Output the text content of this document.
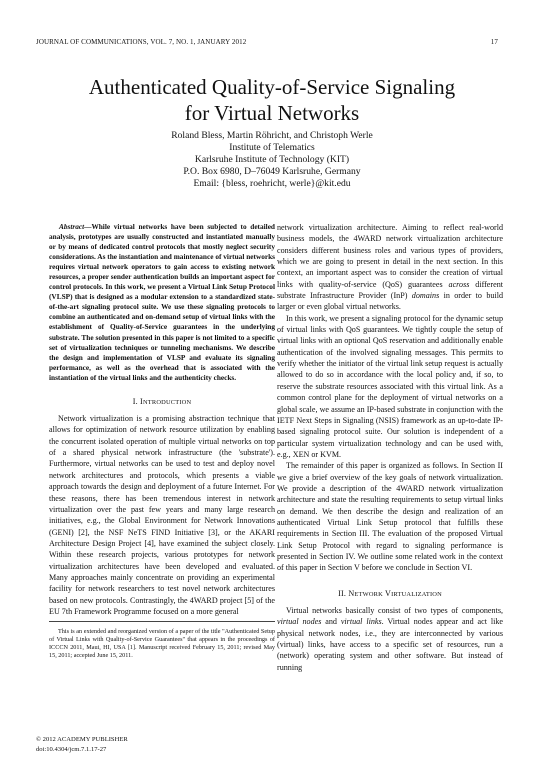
JOURNAL OF COMMUNICATIONS, VOL. 7, NO. 1, JANUARY 2012	17
Authenticated Quality-of-Service Signaling
for Virtual Networks
Roland Bless, Martin Röhricht, and Christoph Werle
Institute of Telematics
Karlsruhe Institute of Technology (KIT)
P.O. Box 6980, D–76049 Karlsruhe, Germany
Email: {bless, roehricht, werle}@kit.edu

Abstract—While virtual networks have been subjected to detailed analysis, prototypes are usually constructed and instantiated manually or by means of dedicated control protocols that mostly neglect security considerations. As the instantiation and maintenance of virtual networks requires virtual network operators to gain access to existing network resources, a proper sender authentication builds an important aspect for control protocols. In this work, we present a Virtual Link Setup Protocol (VLSP) that is designed as a modular extension to a standardized state-of-the-art signaling protocol suite. We use these signaling protocols to combine an authenticated and on-demand setup of virtual links with the establishment of Quality-of-Service guarantees in the underlying substrate. The solution presented in this paper is not limited to a specific set of virtualization techniques or tunneling mechanisms. We describe the design and implementation of VLSP and evaluate its signaling performance, as well as the overhead that is associated with the instantiation of the virtual links and the authenticity checks.

I. INTRODUCTION

Network virtualization is a promising abstraction technique that allows for optimization of network resource utilization by enabling the concurrent isolated operation of multiple virtual networks on top of a shared physical network infrastructure (the 'substrate'). Furthermore, virtual networks can be used to test and deploy novel network architectures and protocols, which presents a viable approach towards the design and deployment of a future Internet. For these reasons, there has been tremendous interest in network virtualization over the past few years and many large research initiatives, e.g., the Global Environment for Network Innovations (GENI) [2], the NSF NeTS FIND Initiative [3], or the AKARI Architecture Design Project [4], have examined the subject closely. Within these research projects, various prototypes for network virtualization architectures have been developed and evaluated. Many approaches mainly concentrate on providing an experimental facility for network researchers to test novel network architectures based on new protocols. Contrastingly, the 4WARD project [5] of the EU 7th Framework Programme focused on a more general

This is an extended and reorganized version of a paper of the title "Authenticated Setup of Virtual Links with Quality-of-Service Guarantees" that appears in the proceedings of ICCCN 2011, Maui, HI, USA [1]. Manuscript received February 15, 2011; revised May 15, 2011; accepted June 15, 2011.

network virtualization architecture. Aiming to reflect real-world business models, the 4WARD network virtualization architecture considers different business roles and various types of providers, which we are going to present in detail in the next section. In this context, an important aspect was to consider the creation of virtual links with quality-of-service (QoS) guarantees across different substrate Infrastructure Provider (InP) domains in order to build larger or even global virtual networks.

In this work, we present a signaling protocol for the dynamic setup of virtual links with QoS guarantees. We tightly couple the setup of virtual links with an optional QoS reservation and additionally enable authentication of the involved signaling messages. This permits to verify whether the initiator of the virtual link setup request is actually allowed to do so in accordance with the local policy and, if so, to reserve the substrate resources associated with this virtual link. As a common control plane for the deployment of virtual networks on a global scale, we assume an IP-based substrate in conjunction with the IETF Next Steps in Signaling (NSIS) framework as an up-to-date IP-based signaling protocol suite. Our solution is independent of a particular system virtualization technology and can be used with, e.g., XEN or KVM.

The remainder of this paper is organized as follows. In Section II we give a brief overview of the key goals of network virtualization. We provide a description of the 4WARD network virtualization architecture and state the resulting requirements to setup virtual links on demand. We then describe the design and realization of an authenticated Virtual Link Setup protocol that fulfills these requirements in Section III. The evaluation of the proposed Virtual Link Setup Protocol with regard to signaling performance is presented in Section IV. We outline some related work in the context of this paper in Section V before we conclude in Section VI.

II. NETWORK VIRTUALIZATION

Virtual networks basically consist of two types of components, virtual nodes and virtual links. Virtual nodes appear and act like physical network nodes, i.e., they are interconnected by various (virtual) links, have access to a specific set of resources, run a (network) operating system and other software. But instead of running

© 2012 ACADEMY PUBLISHER
doi:10.4304/jcm.7.1.17-27
